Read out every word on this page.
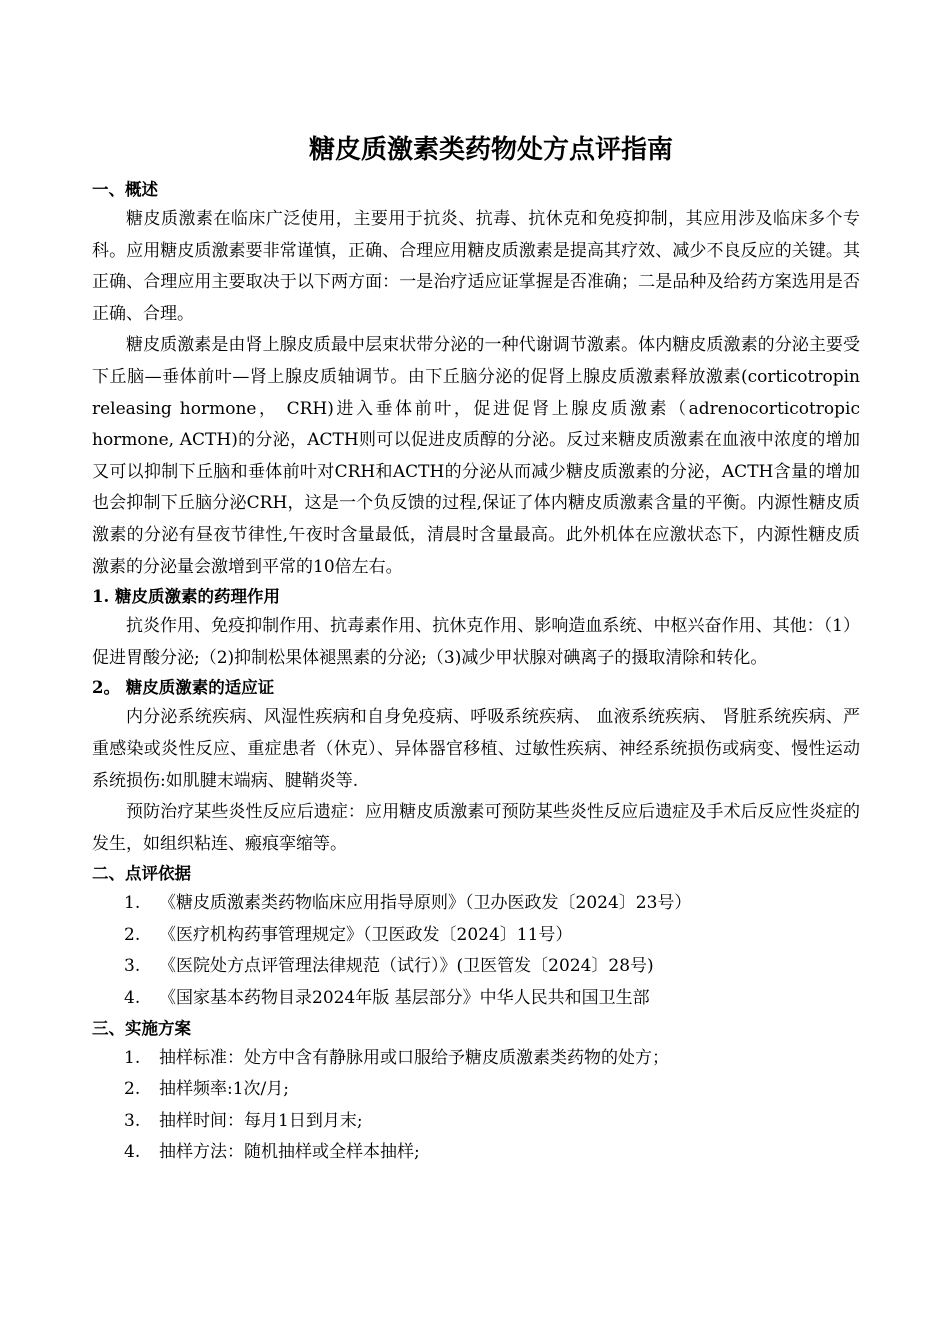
糖皮质激素类药物处方点评指南
一、概述

糖皮质激素在临床广泛使用，主要用于抗炎、抗毒、抗休克和免疫抑制，其应用涉及临床多个专科。应用糖皮质激素要非常谨慎，正确、合理应用糖皮质激素是提高其疗效、减少不良反应的关键。其正确、合理应用主要取决于以下两方面：一是治疗适应证掌握是否准确；二是品种及给药方案选用是否正确、合理。

糖皮质激素是由肾上腺皮质最中层束状带分泌的一种代谢调节激素。体内糖皮质激素的分泌主要受下丘脑—垂体前叶—肾上腺皮质轴调节。由下丘脑分泌的促肾上腺皮质激素释放激素(corticotropin releasing hormone， CRH)进入垂体前叶，促进促肾上腺皮质激素（adrenocorticotropic hormone, ACTH)的分泌，ACTH则可以促进皮质醇的分泌。反过来糖皮质激素在血液中浓度的增加又可以抑制下丘脑和垂体前叶对CRH和ACTH的分泌从而减少糖皮质激素的分泌，ACTH含量的增加也会抑制下丘脑分泌CRH，这是一个负反馈的过程,保证了体内糖皮质激素含量的平衡。内源性糖皮质激素的分泌有昼夜节律性,午夜时含量最低，清晨时含量最高。此外机体在应激状态下，内源性糖皮质激素的分泌量会激增到平常的10倍左右。

1. 糖皮质激素的药理作用

抗炎作用、免疫抑制作用、抗毒素作用、抗休克作用、影响造血系统、中枢兴奋作用、其他：（1）促进胃酸分泌;（2)抑制松果体褪黑素的分泌;（3)减少甲状腺对碘离子的摄取清除和转化。

2。 糖皮质激素的适应证

内分泌系统疾病、风湿性疾病和自身免疫病、呼吸系统疾病、 血液系统疾病、 肾脏系统疾病、严重感染或炎性反应、重症患者（休克）、异体器官移植、过敏性疾病、神经系统损伤或病变、慢性运动系统损伤:如肌腱末端病、腱鞘炎等.

预防治疗某些炎性反应后遗症：应用糖皮质激素可预防某些炎性反应后遗症及手术后反应性炎症的发生，如组织粘连、瘢痕挛缩等。

二、点评依据
1. 《糖皮质激素类药物临床应用指导原则》（卫办医政发〔2024〕23号）
2. 《医疗机构药事管理规定》（卫医政发〔2024〕11号）
3. 《医院处方点评管理法律规范（试行）》(卫医管发〔2024〕28号)
4. 《国家基本药物目录2024年版 基层部分》中华人民共和国卫生部
三、实施方案
1. 抽样标准：处方中含有静脉用或口服给予糖皮质激素类药物的处方；
2. 抽样频率:1次/月;
3. 抽样时间：每月1日到月末;
4. 抽样方法：随机抽样或全样本抽样;
